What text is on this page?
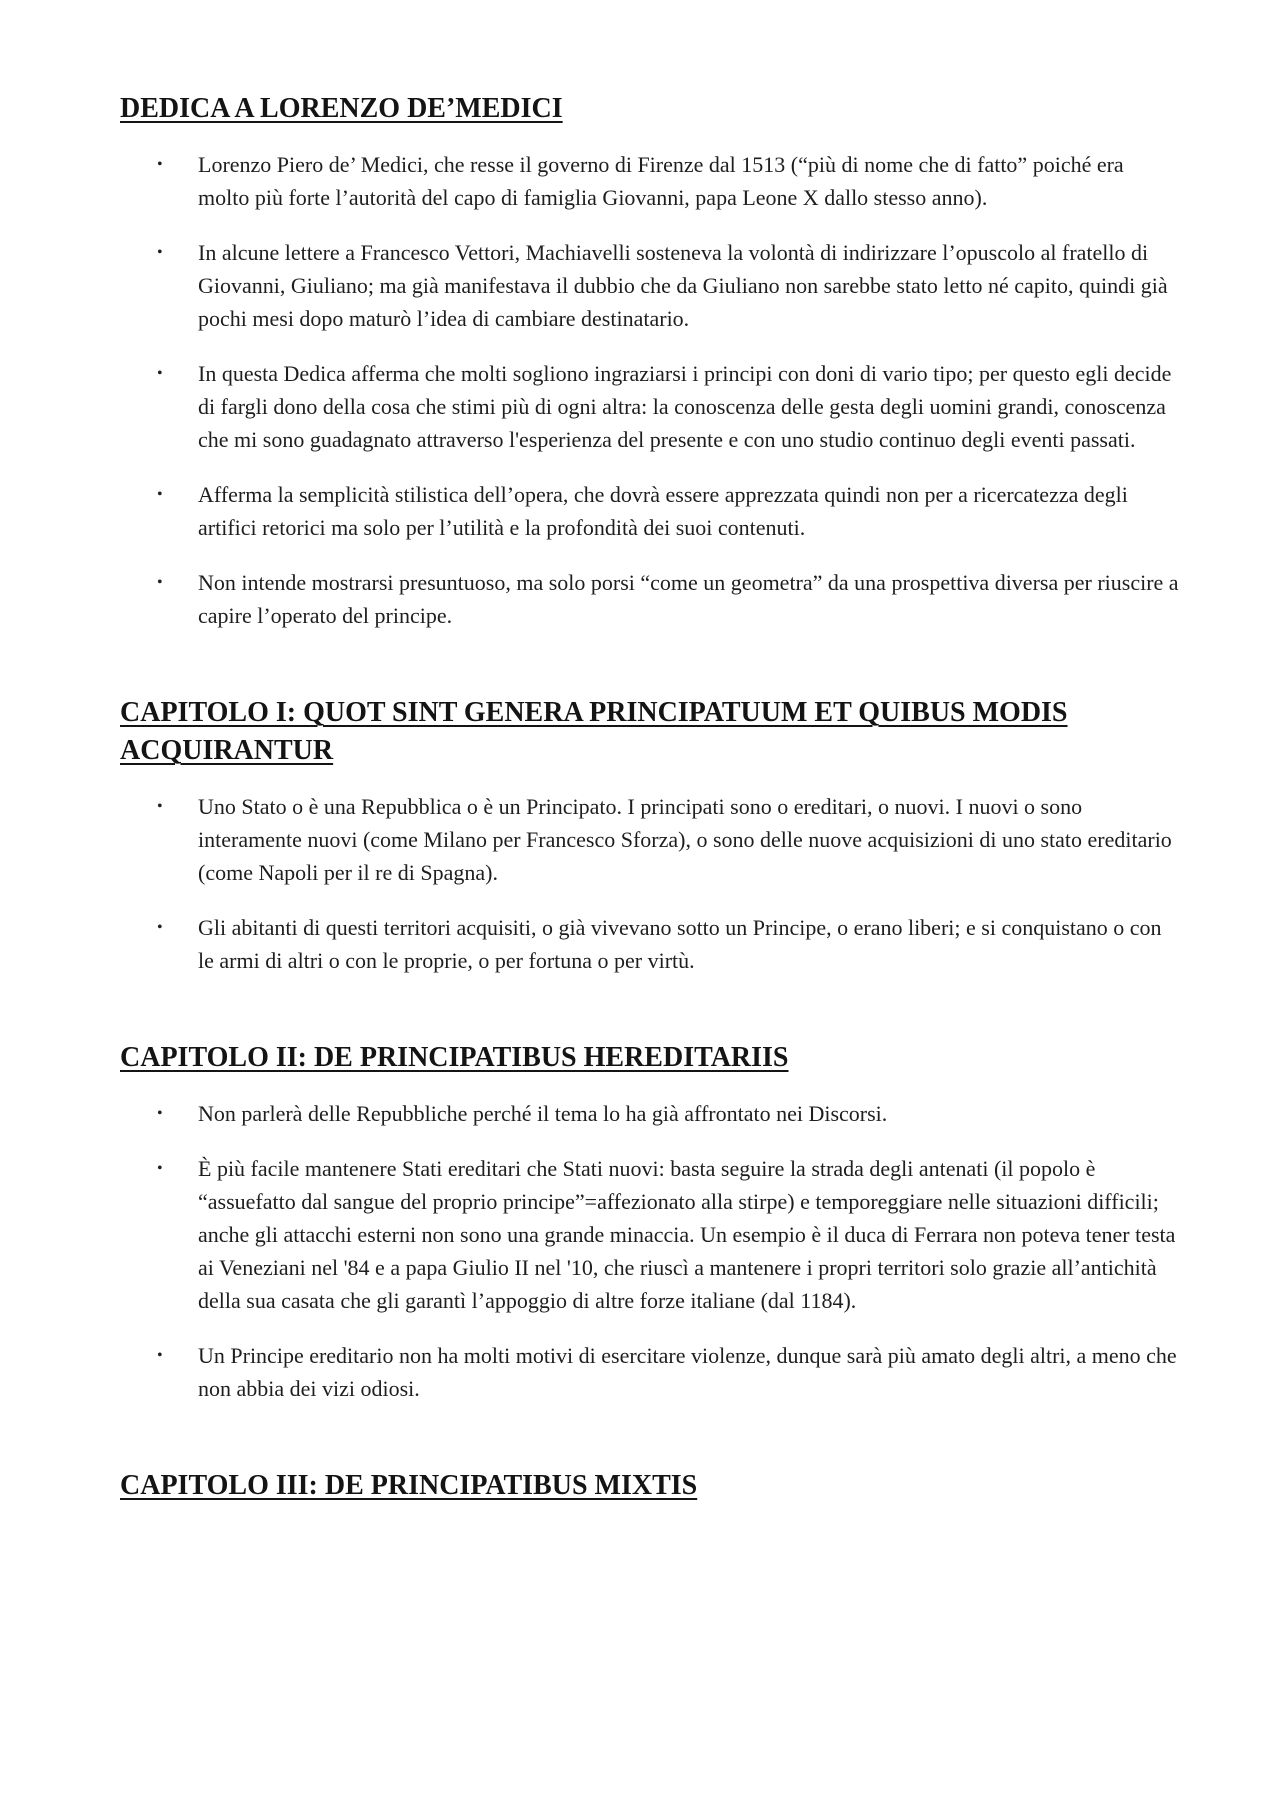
DEDICA A LORENZO DE’MEDICI
• Lorenzo Piero de’ Medici, che resse il governo di Firenze dal 1513 (“più di nome che di fatto” poiché era molto più forte l’autorità del capo di famiglia Giovanni, papa Leone X dallo stesso anno).
• In alcune lettere a Francesco Vettori, Machiavelli sosteneva la volontà di indirizzare l’opuscolo al fratello di Giovanni, Giuliano; ma già manifestava il dubbio che da Giuliano non sarebbe stato letto né capito, quindi già pochi mesi dopo maturò l’idea di cambiare destinatario.
• In questa Dedica afferma che molti sogliono ingraziarsi i principi con doni di vario tipo; per questo egli decide di fargli dono della cosa che stimi più di ogni altra: la conoscenza delle gesta degli uomini grandi, conoscenza che mi sono guadagnato attraverso l'esperienza del presente e con uno studio continuo degli eventi passati.
• Afferma la semplicità stilistica dell’opera, che dovrà essere apprezzata quindi non per a ricercatezza degli artifici retorici ma solo per l’utilità e la profondità dei suoi contenuti.
• Non intende mostrarsi presuntuoso, ma solo porsi “come un geometra” da una prospettiva diversa per riuscire a capire l’operato del principe.
CAPITOLO I: QUOT SINT GENERA PRINCIPATUUM ET QUIBUS MODIS ACQUIRANTUR
• Uno Stato o è una Repubblica o è un Principato. I principati sono o ereditari, o nuovi. I nuovi o sono interamente nuovi (come Milano per Francesco Sforza), o sono delle nuove acquisizioni di uno stato ereditario (come Napoli per il re di Spagna).
• Gli abitanti di questi territori acquisiti, o già vivevano sotto un Principe, o erano liberi; e si conquistano o con le armi di altri o con le proprie, o per fortuna o per virtù.
CAPITOLO II: DE PRINCIPATIBUS HEREDITARIIS
• Non parlerà delle Repubbliche perché il tema lo ha già affrontato nei Discorsi.
• È più facile mantenere Stati ereditari che Stati nuovi: basta seguire la strada degli antenati (il popolo è “assuefatto dal sangue del proprio principe”=affezionato alla stirpe) e temporeggiare nelle situazioni difficili; anche gli attacchi esterni non sono una grande minaccia. Un esempio è il duca di Ferrara non poteva tener testa ai Veneziani nel '84 e a papa Giulio II nel '10, che riuscì a mantenere i propri territori solo grazie all’antichità della sua casata che gli garantì l’appoggio di altre forze italiane (dal 1184).
• Un Principe ereditario non ha molti motivi di esercitare violenze, dunque sarà più amato degli altri, a meno che non abbia dei vizi odiosi.
CAPITOLO III: DE PRINCIPATIBUS MIXTIS
